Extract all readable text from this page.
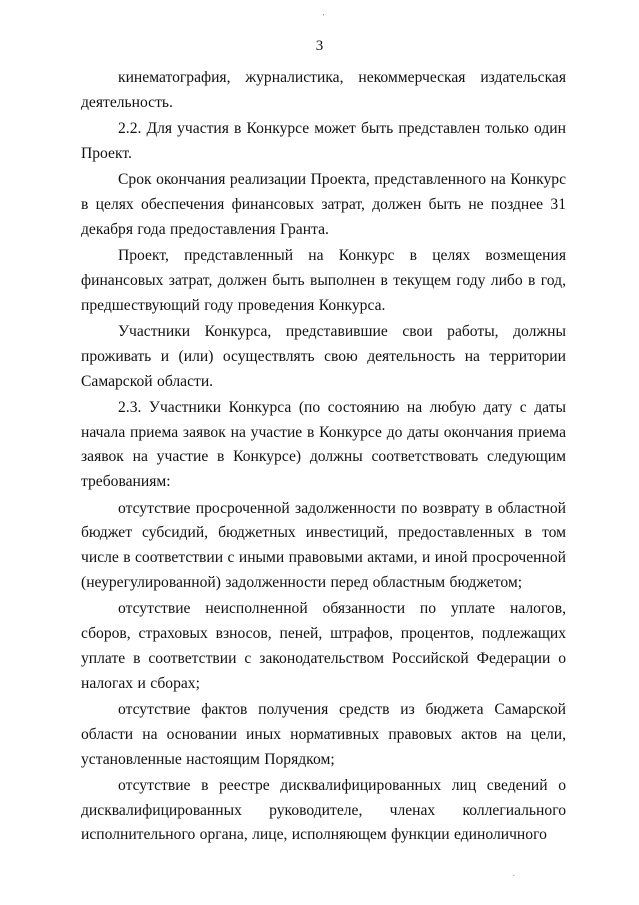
'
3

кинематография, журналистика, некоммерческая издательская деятельность.

2.2. Для участия в Конкурсе может быть представлен только один Проект.

Срок окончания реализации Проекта, представленного на Конкурс в целях обеспечения финансовых затрат, должен быть не позднее 31 декабря года предоставления Гранта.

Проект, представленный на Конкурс в целях возмещения финансовых затрат, должен быть выполнен в текущем году либо в год, предшествующий году проведения Конкурса.

Участники Конкурса, представившие свои работы, должны проживать и (или) осуществлять свою деятельность на территории Самарской области.

2.3. Участники Конкурса (по состоянию на любую дату с даты начала приема заявок на участие в Конкурсе до даты окончания приема заявок на участие в Конкурсе) должны соответствовать следующим требованиям:

отсутствие просроченной задолженности по возврату в областной бюджет субсидий, бюджетных инвестиций, предоставленных в том числе в соответствии с иными правовыми актами, и иной просроченной (неурегулированной) задолженности перед областным бюджетом;

отсутствие неисполненной обязанности по уплате налогов, сборов, страховых взносов, пеней, штрафов, процентов, подлежащих уплате в соответствии с законодательством Российской Федерации о налогах и сборах;

отсутствие фактов получения средств из бюджета Самарской области на основании иных нормативных правовых актов на цели, установленные настоящим Порядком;

отсутствие в реестре дисквалифицированных лиц сведений о дисквалифицированных руководителе, членах коллегиального исполнительного органа, лице, исполняющем функции единоличного

.
